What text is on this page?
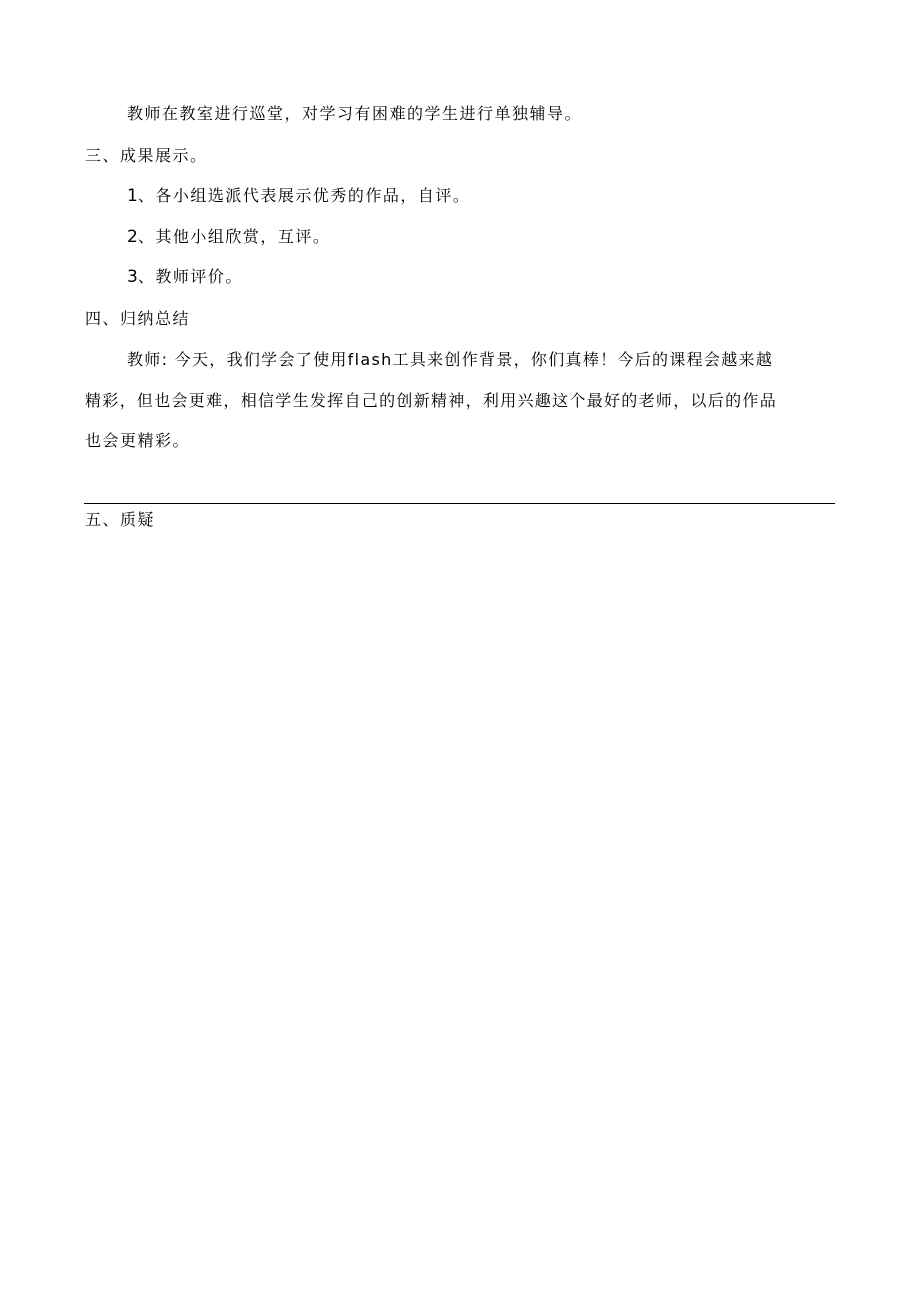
教师在教室进行巡堂，对学习有困难的学生进行单独辅导。
三、成果展示。
1、各小组选派代表展示优秀的作品，自评。
2、其他小组欣赏，互评。
3、教师评价。
四、归纳总结
教师: 今天，我们学会了使用flash工具来创作背景，你们真棒！今后的课程会越来越
精彩，但也会更难，相信学生发挥自己的创新精神，利用兴趣这个最好的老师，以后的作品
也会更精彩。
五、质疑
